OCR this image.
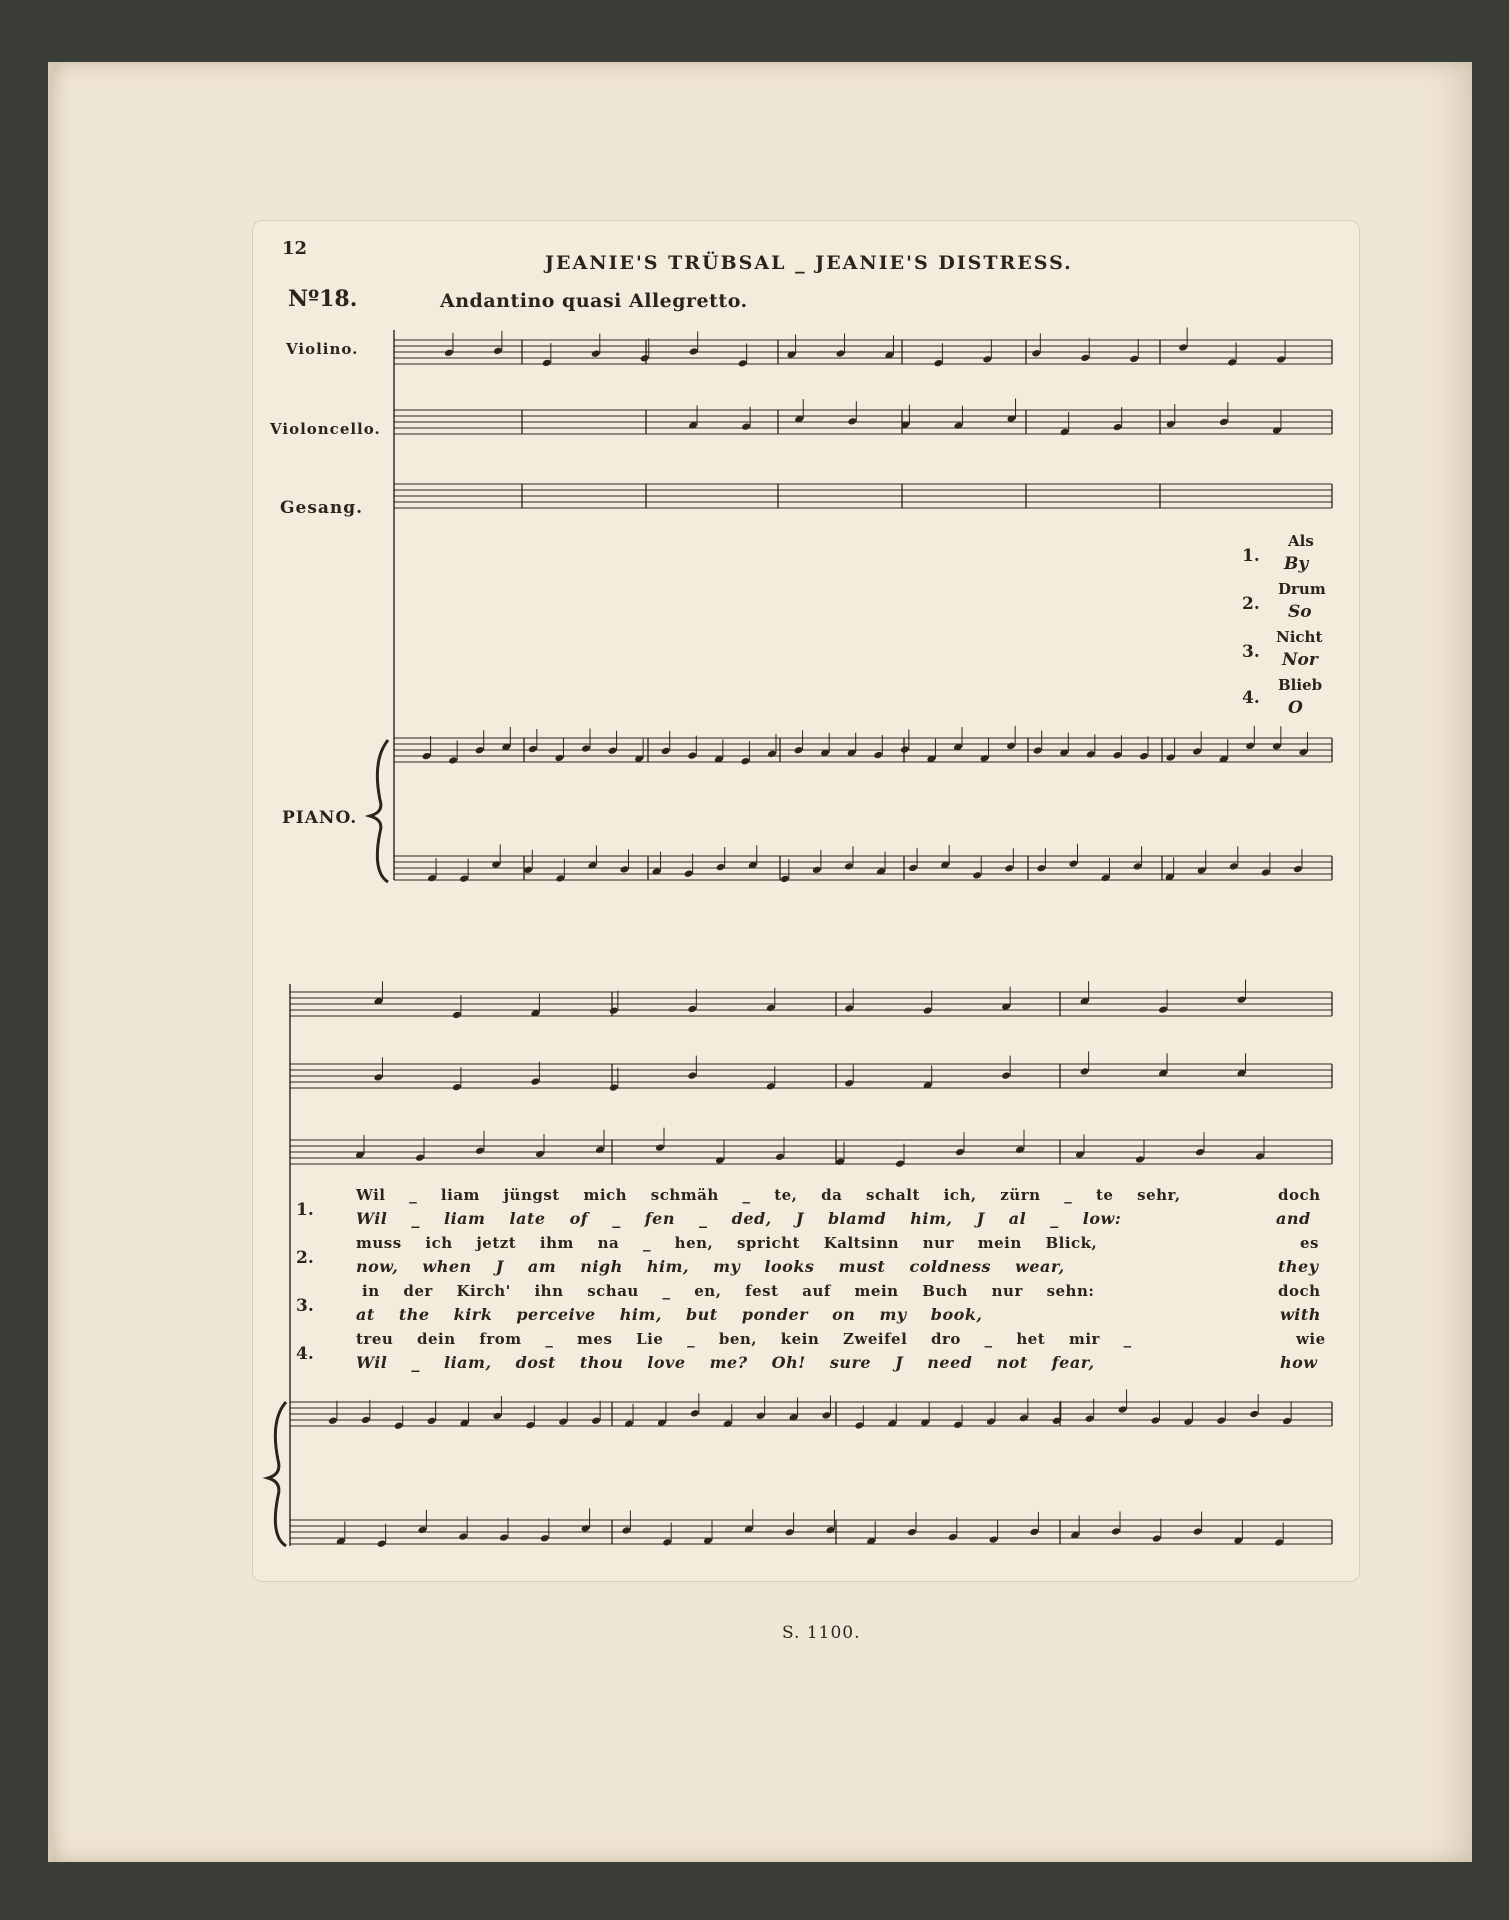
12
JEANIE'S TRÜBSAL _ JEANIE'S DISTRESS.
Nº18.	Andantino quasi Allegretto.
Violino.
Violoncello.
Gesang.
PIANO.
1.
Als
By
2.
Drum
So
3.
Nicht
Nor
4.
Blieb
O
1.
Wil _ liam jüngst mich schmäh _ te, da schalt ich, zürn _ te sehr,	doch
Wil _ liam late of _ fen _ ded, J blamd him, J al _ low:	and
2.
muss ich jetzt ihm na _ hen, spricht Kaltsinn nur mein Blick,	es
now, when J am nigh him, my looks must coldness wear,	they
3.
in der Kirch' ihn schau _ en, fest auf mein Buch nur sehn:	doch
at the kirk perceive him, but ponder on my book,	with
4.
treu dein from _ mes Lie _ ben, kein Zweifel dro _ het mir _	wie
Wil _ liam, dost thou love me? Oh! sure J need not fear,	how
S. 1100.
